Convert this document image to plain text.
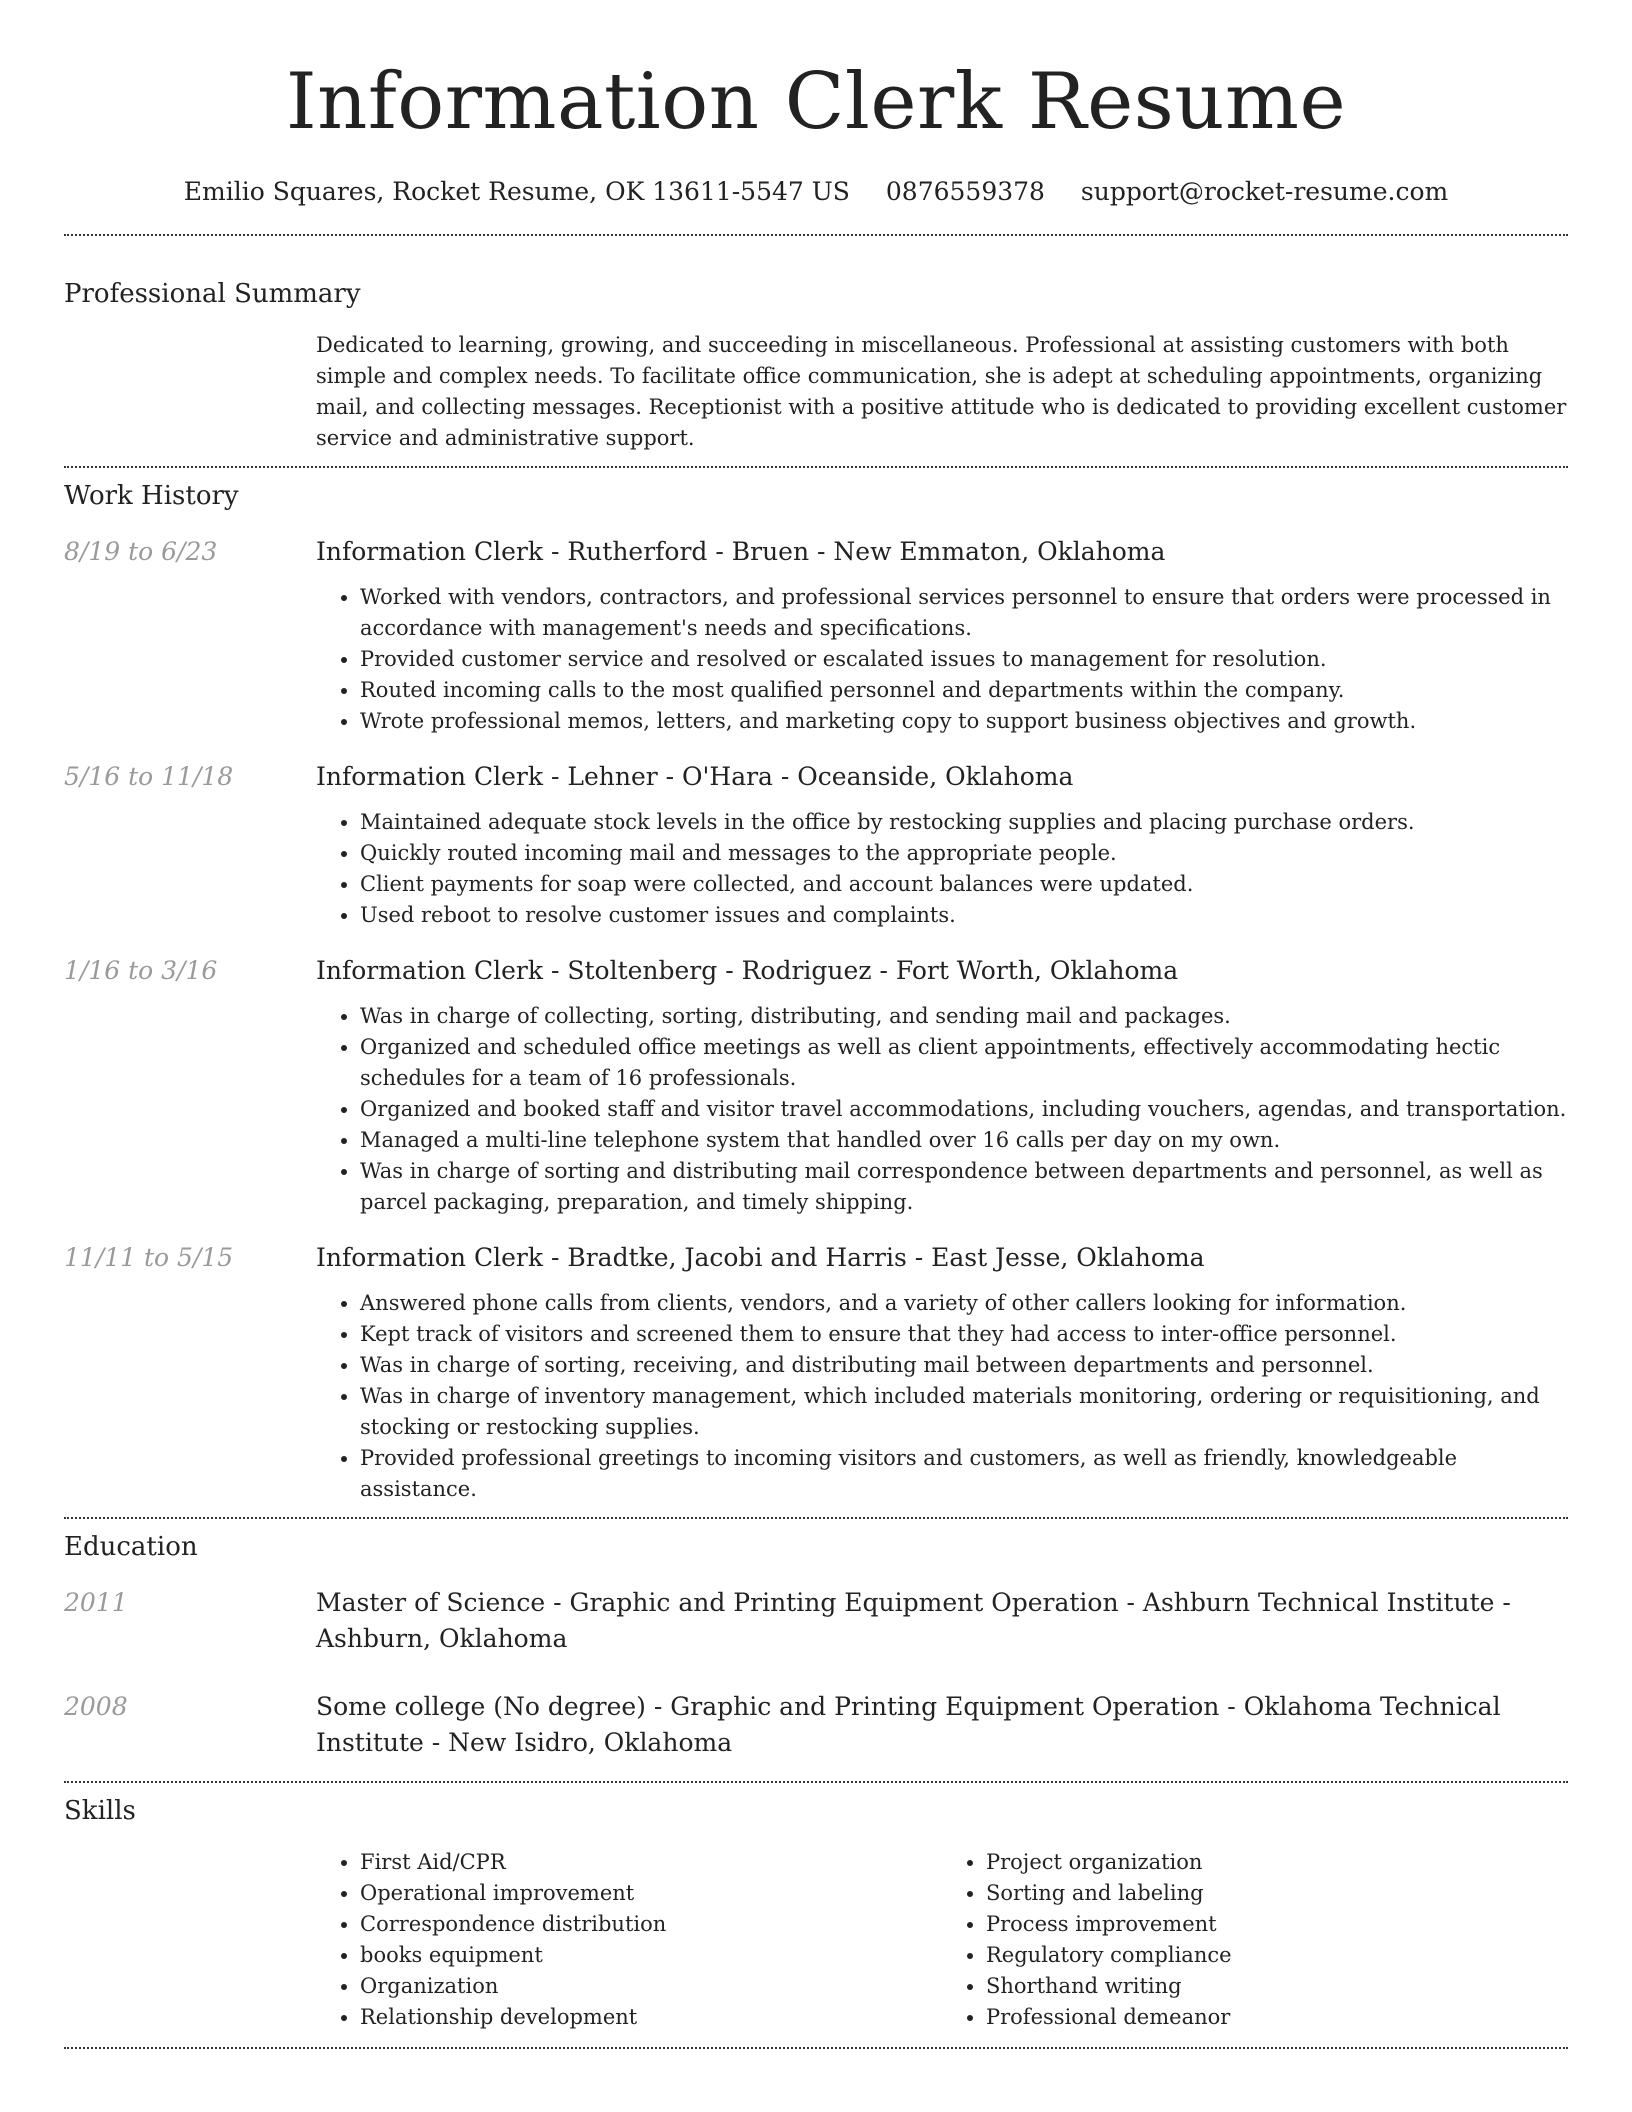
Information Clerk Resume
Emilio Squares, Rocket Resume, OK 13611-5547 US 0876559378 support@rocket-resume.com
Professional Summary

Dedicated to learning, growing, and succeeding in miscellaneous. Professional at assisting customers with both simple and complex needs. To facilitate office communication, she is adept at scheduling appointments, organizing mail, and collecting messages. Receptionist with a positive attitude who is dedicated to providing excellent customer service and administrative support.

Work History
8/19 to 6/23	Information Clerk - Rutherford - Bruen - New Emmaton, Oklahoma

• Worked with vendors, contractors, and professional services personnel to ensure that orders were processed in accordance with management's needs and specifications.
• Provided customer service and resolved or escalated issues to management for resolution.
• Routed incoming calls to the most qualified personnel and departments within the company.
• Wrote professional memos, letters, and marketing copy to support business objectives and growth.
5/16 to 11/18	Information Clerk - Lehner - O'Hara - Oceanside, Oklahoma

• Maintained adequate stock levels in the office by restocking supplies and placing purchase orders.
• Quickly routed incoming mail and messages to the appropriate people.
• Client payments for soap were collected, and account balances were updated.
• Used reboot to resolve customer issues and complaints.
1/16 to 3/16	Information Clerk - Stoltenberg - Rodriguez - Fort Worth, Oklahoma

• Was in charge of collecting, sorting, distributing, and sending mail and packages.
• Organized and scheduled office meetings as well as client appointments, effectively accommodating hectic schedules for a team of 16 professionals.
• Organized and booked staff and visitor travel accommodations, including vouchers, agendas, and transportation.
• Managed a multi-line telephone system that handled over 16 calls per day on my own.
• Was in charge of sorting and distributing mail correspondence between departments and personnel, as well as parcel packaging, preparation, and timely shipping.
11/11 to 5/15	Information Clerk - Bradtke, Jacobi and Harris - East Jesse, Oklahoma

• Answered phone calls from clients, vendors, and a variety of other callers looking for information.
• Kept track of visitors and screened them to ensure that they had access to inter-office personnel.
• Was in charge of sorting, receiving, and distributing mail between departments and personnel.
• Was in charge of inventory management, which included materials monitoring, ordering or requisitioning, and stocking or restocking supplies.
• Provided professional greetings to incoming visitors and customers, as well as friendly, knowledgeable assistance.
Education
2011	Master of Science - Graphic and Printing Equipment Operation - Ashburn Technical Institute - Ashburn, Oklahoma

2008	Some college (No degree) - Graphic and Printing Equipment Operation - Oklahoma Technical Institute - New Isidro, Oklahoma

Skills
• First Aid/CPR
• Operational improvement
• Correspondence distribution
• books equipment
• Organization
• Relationship development
• Project organization
• Sorting and labeling
• Process improvement
• Regulatory compliance
• Shorthand writing
• Professional demeanor
